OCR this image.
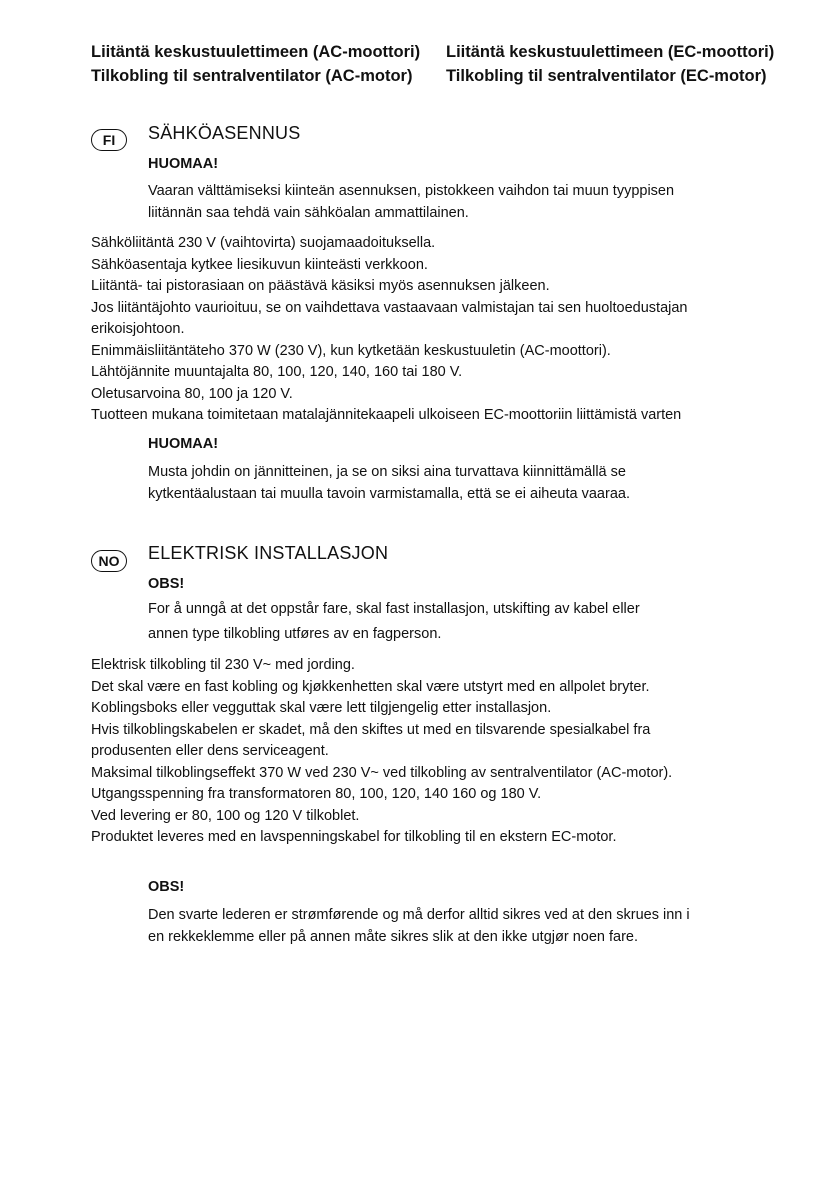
Liitäntä keskustuulettimeen (AC-moottori)
Tilkobling til sentralventilator (AC-motor)
Liitäntä keskustuulettimeen (EC-moottori)
Tilkobling til sentralventilator (EC-motor)
FI	SÄHKÖASENNUS
HUOMAA!
Vaaran välttämiseksi kiinteän asennuksen, pistokkeen vaihdon tai muun tyyppisen
liitännän saa tehdä vain sähköalan ammattilainen.
Sähköliitäntä 230 V (vaihtovirta) suojamaadoituksella.
Sähköasentaja kytkee liesikuvun kiinteästi verkkoon.
Liitäntä- tai pistorasiaan on päästävä käsiksi myös asennuksen jälkeen.
Jos liitäntäjohto vaurioituu, se on vaihdettava vastaavaan valmistajan tai sen huoltoedustajan
erikoisjohtoon.
Enimmäisliitäntäteho 370 W (230 V), kun kytketään keskustuuletin (AC-moottori).
Lähtöjännite muuntajalta 80, 100, 120, 140, 160 tai 180 V.
Oletusarvoina 80, 100 ja 120 V.
Tuotteen mukana toimitetaan matalajännitekaapeli ulkoiseen EC-moottoriin liittämistä varten
HUOMAA!
Musta johdin on jännitteinen, ja se on siksi aina turvattava kiinnittämällä se
kytkentäalustaan tai muulla tavoin varmistamalla, että se ei aiheuta vaaraa.
NO	ELEKTRISK INSTALLASJON
OBS!
For å unngå at det oppstår fare, skal fast installasjon, utskifting av kabel eller
annen type tilkobling utføres av en fagperson.
Elektrisk tilkobling til 230 V~ med jording.
Det skal være en fast kobling og kjøkkenhetten skal være utstyrt med en allpolet bryter.
Koblingsboks eller vegguttak skal være lett tilgjengelig etter installasjon.
Hvis tilkoblingskabelen er skadet, må den skiftes ut med en tilsvarende spesialkabel fra
produsenten eller dens serviceagent.
Maksimal tilkoblingseffekt 370 W ved 230 V~ ved tilkobling av sentralventilator (AC-motor).
Utgangsspenning fra transformatoren 80, 100, 120, 140 160 og 180 V.
Ved levering er 80, 100 og 120 V tilkoblet.
Produktet leveres med en lavspenningskabel for tilkobling til en ekstern EC-motor.
OBS!
Den svarte lederen er strømførende og må derfor alltid sikres ved at den skrues inn i
en rekkeklemme eller på annen måte sikres slik at den ikke utgjør noen fare.
